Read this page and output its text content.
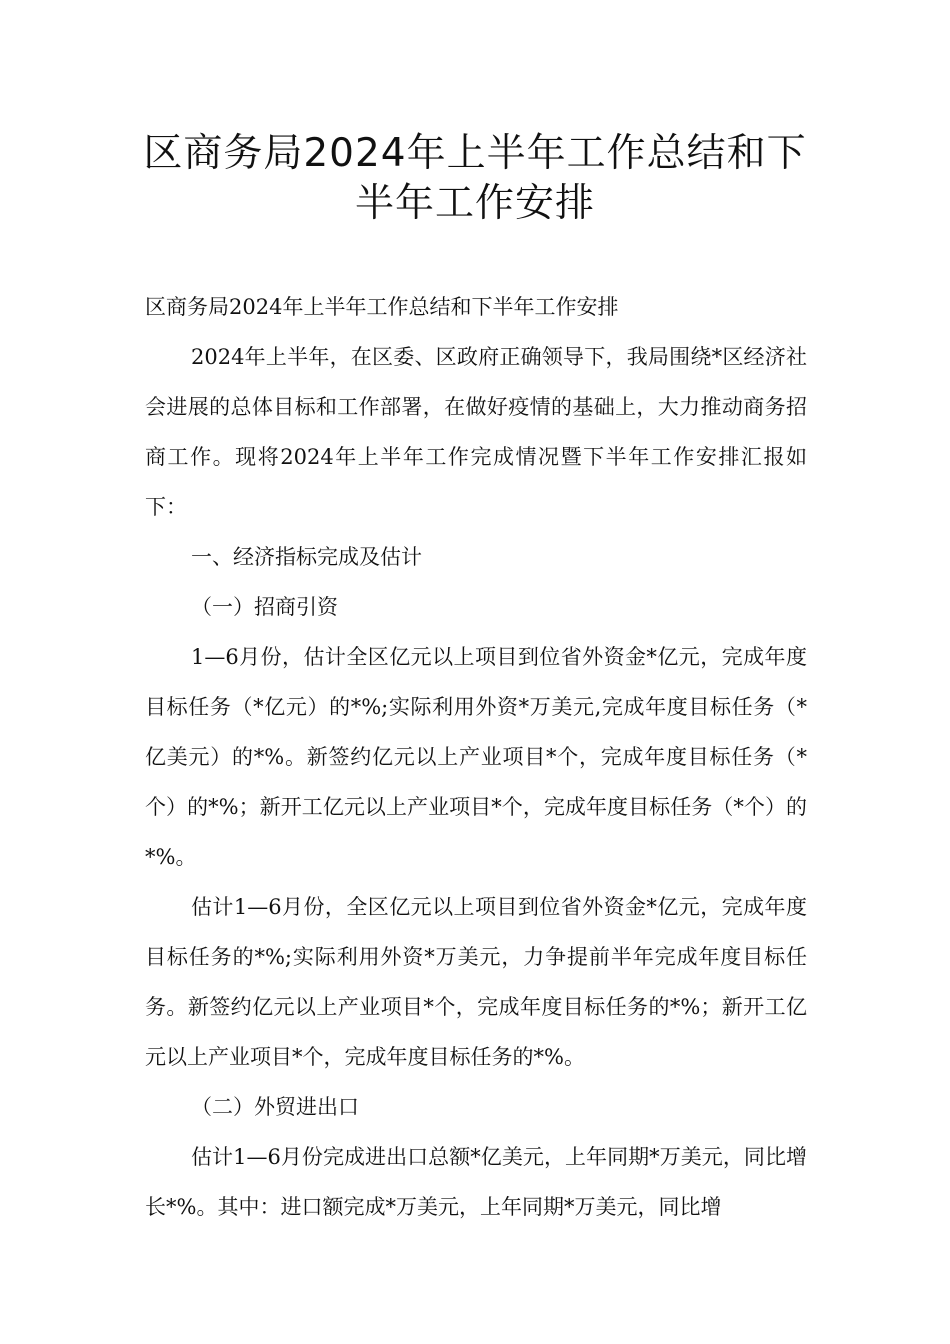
区商务局2024年上半年工作总结和下
半年工作安排

区商务局2024年上半年工作总结和下半年工作安排

2024年上半年，在区委、区政府正确领导下，我局围绕*区经济社会进展的总体目标和工作部署，在做好疫情的基础上，大力推动商务招商工作。现将2024年上半年工作完成情况暨下半年工作安排汇报如下：

一、经济指标完成及估计

（一）招商引资

1—6月份，估计全区亿元以上项目到位省外资金*亿元，完成年度目标任务（*亿元）的*%;实际利用外资*万美元,完成年度目标任务（*亿美元）的*%。新签约亿元以上产业项目*个，完成年度目标任务（*个）的*%；新开工亿元以上产业项目*个，完成年度目标任务（*个）的*%。

估计1—6月份，全区亿元以上项目到位省外资金*亿元，完成年度目标任务的*%;实际利用外资*万美元，力争提前半年完成年度目标任务。新签约亿元以上产业项目*个，完成年度目标任务的*%；新开工亿元以上产业项目*个，完成年度目标任务的*%。

（二）外贸进出口

估计1—6月份完成进出口总额*亿美元，上年同期*万美元，同比增长*%。其中：进口额完成*万美元，上年同期*万美元，同比增
